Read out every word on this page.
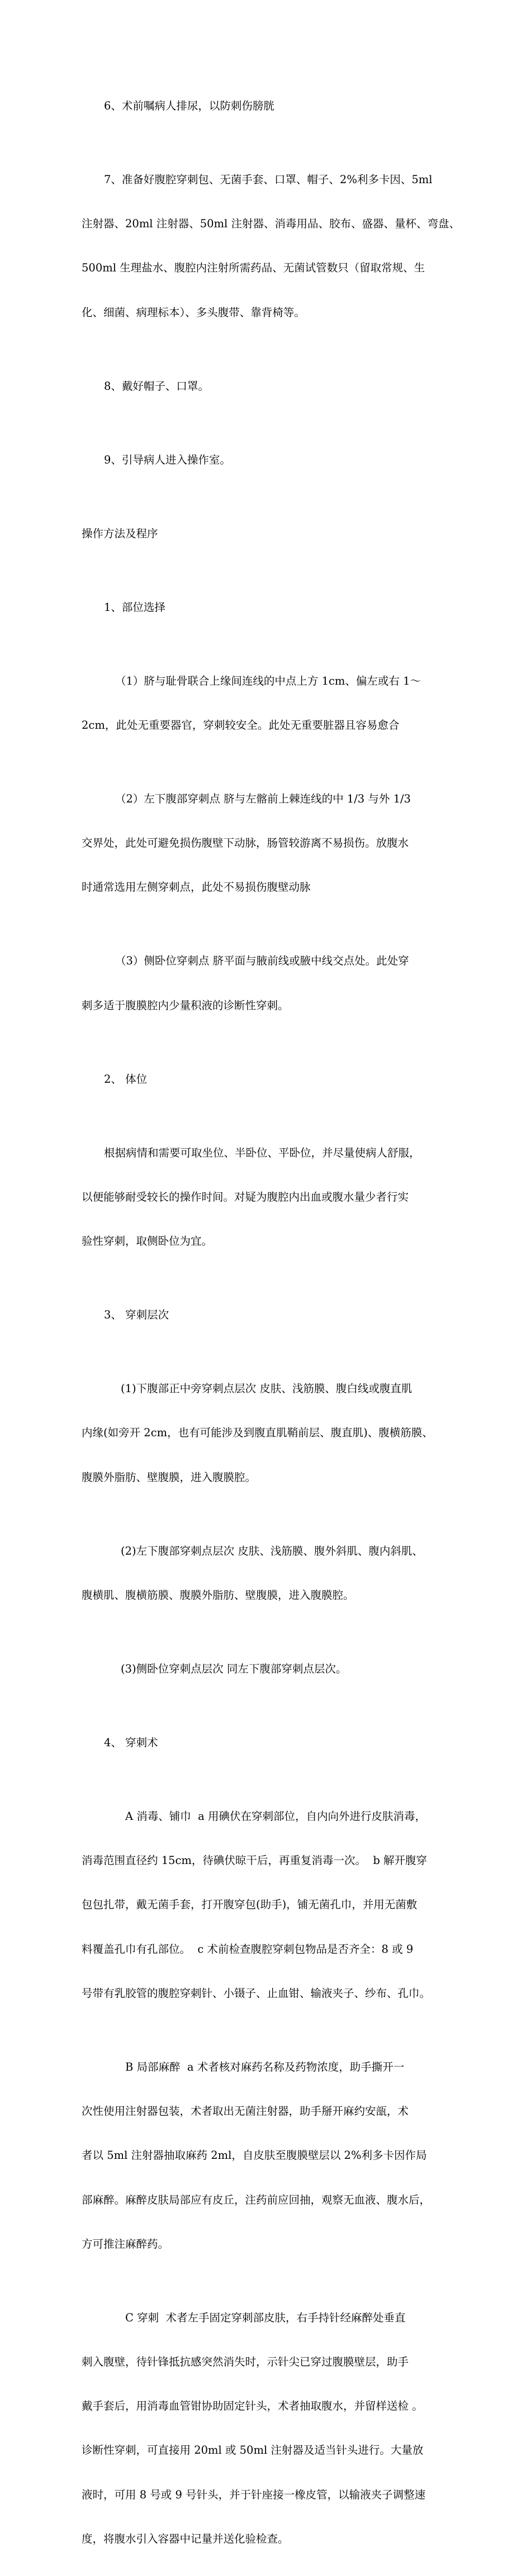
6、术前嘱病人排尿，以防刺伤膀胱

7、准备好腹腔穿刺包、无菌手套、口罩、帽子、2%利多卡因、5ml

注射器、20ml 注射器、50ml 注射器、消毒用品、胶布、盛器、量杯、弯盘、

500ml 生理盐水、腹腔内注射所需药品、无菌试管数只（留取常规、生

化、细菌、病理标本）、多头腹带、靠背椅等。

8、戴好帽子、口罩。

9、引导病人进入操作室。

操作方法及程序

1、部位选择

（1）脐与耻骨联合上缘间连线的中点上方 1cm、偏左或右 1～

2cm，此处无重要器官，穿刺较安全。此处无重要脏器且容易愈合

（2）左下腹部穿刺点 脐与左髂前上棘连线的中 1/3 与外 1/3

交界处，此处可避免损伤腹壁下动脉，肠管较游离不易损伤。放腹水

时通常选用左侧穿刺点，此处不易损伤腹壁动脉

（3）侧卧位穿刺点 脐平面与腋前线或腋中线交点处。此处穿

刺多适于腹膜腔内少量积液的诊断性穿刺。

2、 体位

根据病情和需要可取坐位、半卧位、平卧位，并尽量使病人舒服，

以便能够耐受较长的操作时间。对疑为腹腔内出血或腹水量少者行实

验性穿刺，取侧卧位为宜。

3、 穿刺层次

(1)下腹部正中旁穿刺点层次 皮肤、浅筋膜、腹白线或腹直肌

内缘(如旁开 2cm，也有可能涉及到腹直肌鞘前层、腹直肌)、腹横筋膜、

腹膜外脂肪、壁腹膜，进入腹膜腔。

(2)左下腹部穿刺点层次 皮肤、浅筋膜、腹外斜肌、腹内斜肌、

腹横肌、腹横筋膜、腹膜外脂肪、壁腹膜，进入腹膜腔。

(3)侧卧位穿刺点层次 同左下腹部穿刺点层次。

4、 穿刺术

A 消毒、铺巾  a 用碘伏在穿刺部位，自内向外进行皮肤消毒，

消毒范围直径约 15cm，待碘伏晾干后，再重复消毒一次。  b 解开腹穿

包包扎带，戴无菌手套，打开腹穿包(助手)，铺无菌孔巾，并用无菌敷

料覆盖孔巾有孔部位。  c 术前检查腹腔穿刺包物品是否齐全：8 或 9

号带有乳胶管的腹腔穿刺针、小镊子、止血钳、输液夹子、纱布、孔巾。

B 局部麻醉  a 术者核对麻药名称及药物浓度，助手撕开一

次性使用注射器包装，术者取出无菌注射器，助手掰开麻约安瓿，术

者以 5ml 注射器抽取麻药 2ml，自皮肤至腹膜壁层以 2%利多卡因作局

部麻醉。麻醉皮肤局部应有皮丘，注药前应回抽，观察无血液、腹水后，

方可推注麻醉药。

C 穿刺  术者左手固定穿刺部皮肤，右手持针经麻醉处垂直

刺入腹壁，待针锋抵抗感突然消失时，示针尖已穿过腹膜壁层，助手

戴手套后，用消毒血管钳协助固定针头，术者抽取腹水，并留样送检 。

诊断性穿刺，可直接用 20ml 或 50ml 注射器及适当针头进行。大量放

液时，可用 8 号或 9 号针头，并于针座接一橡皮管，以输液夹子调整速

度，将腹水引入容器中记量并送化验检查。
